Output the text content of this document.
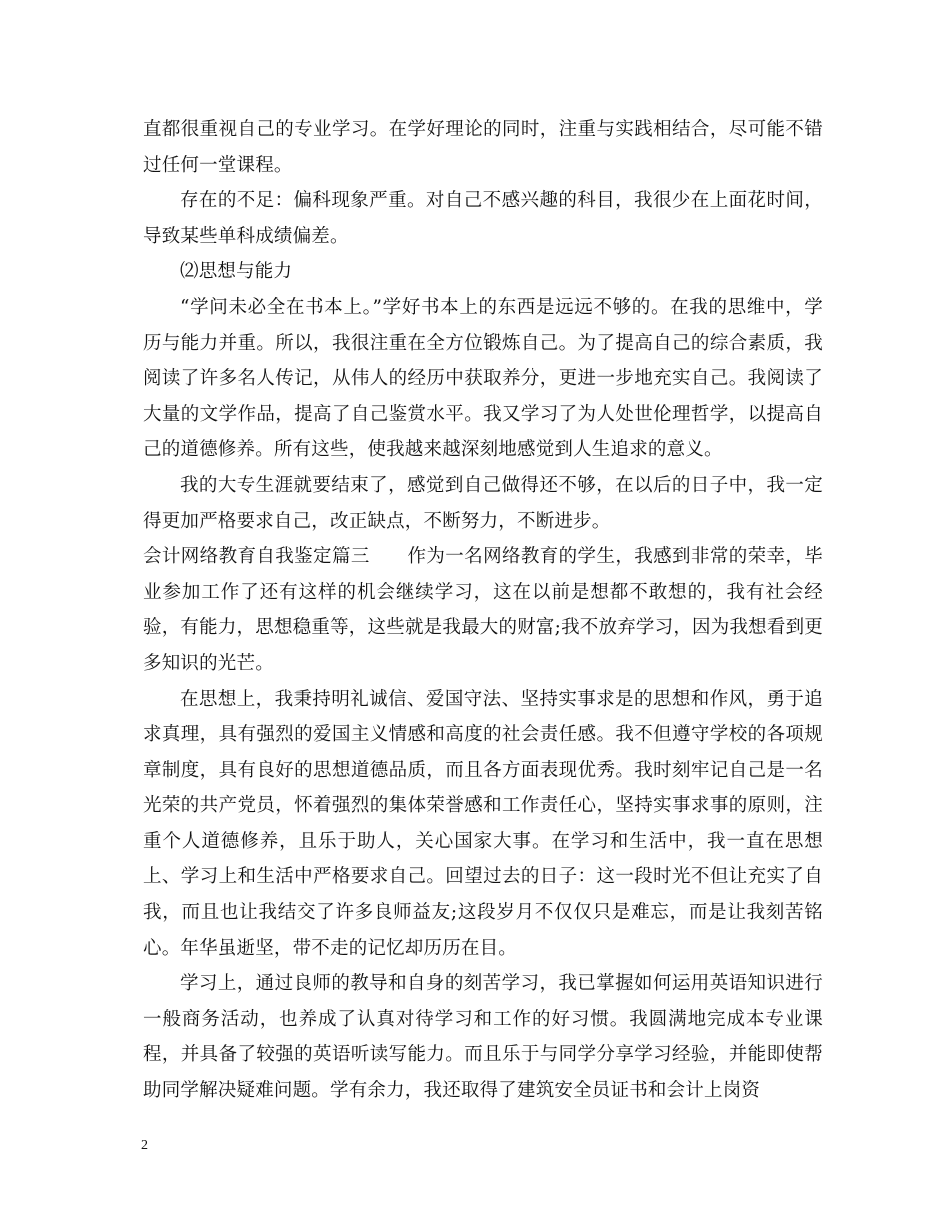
直都很重视自己的专业学习。在学好理论的同时，注重与实践相结合，尽可能不错过任何一堂课程。

存在的不足：偏科现象严重。对自己不感兴趣的科目，我很少在上面花时间，导致某些单科成绩偏差。

⑵思想与能力

“学问未必全在书本上。”学好书本上的东西是远远不够的。在我的思维中，学历与能力并重。所以，我很注重在全方位锻炼自己。为了提高自己的综合素质，我阅读了许多名人传记，从伟人的经历中获取养分，更进一步地充实自己。我阅读了大量的文学作品，提高了自己鉴赏水平。我又学习了为人处世伦理哲学，以提高自己的道德修养。所有这些，使我越来越深刻地感觉到人生追求的意义。

我的大专生涯就要结束了，感觉到自己做得还不够，在以后的日子中，我一定得更加严格要求自己，改正缺点，不断努力，不断进步。

会计网络教育自我鉴定篇三　　作为一名网络教育的学生，我感到非常的荣幸，毕业参加工作了还有这样的机会继续学习，这在以前是想都不敢想的，我有社会经验，有能力，思想稳重等，这些就是我最大的财富;我不放弃学习，因为我想看到更多知识的光芒。

在思想上，我秉持明礼诚信、爱国守法、坚持实事求是的思想和作风，勇于追求真理，具有强烈的爱国主义情感和高度的社会责任感。我不但遵守学校的各项规章制度，具有良好的思想道德品质，而且各方面表现优秀。我时刻牢记自己是一名光荣的共产党员，怀着强烈的集体荣誉感和工作责任心，坚持实事求事的原则，注重个人道德修养，且乐于助人，关心国家大事。在学习和生活中，我一直在思想上、学习上和生活中严格要求自己。回望过去的日子：这一段时光不但让充实了自我，而且也让我结交了许多良师益友;这段岁月不仅仅只是难忘，而是让我刻苦铭心。年华虽逝坚，带不走的记忆却历历在目。

学习上，通过良师的教导和自身的刻苦学习，我已掌握如何运用英语知识进行一般商务活动，也养成了认真对待学习和工作的好习惯。我圆满地完成本专业课程，并具备了较强的英语听读写能力。而且乐于与同学分享学习经验，并能即使帮助同学解决疑难问题。学有余力，我还取得了建筑安全员证书和会计上岗资

2
